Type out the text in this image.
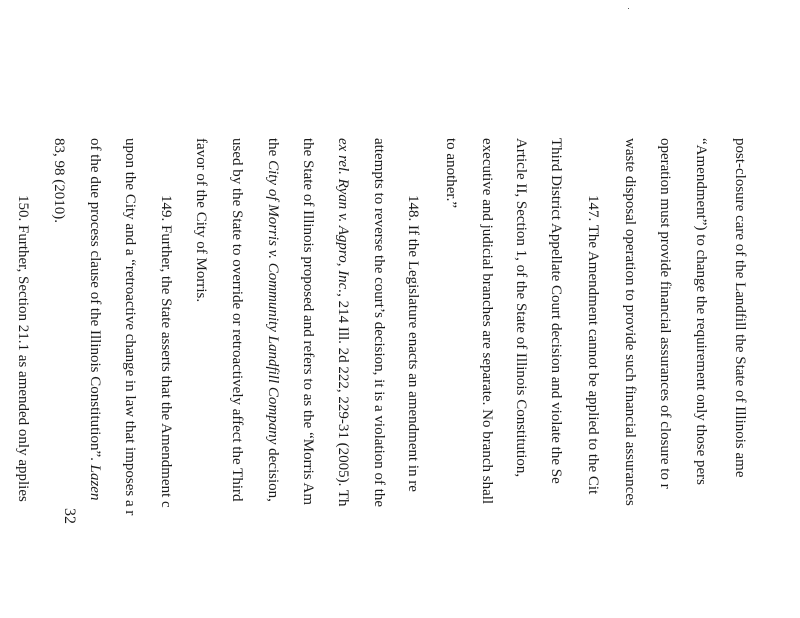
post-closure care of the Landfill the State of Illinois ame
“Amendment”) to change the requirement only those pers
operation must provide financial assurances of closure to r
waste disposal operation to provide such financial assurances
147. The Amendment cannot be applied to the Cit
Third District Appellate Court decision and violate the Se
Article II, Section 1, of the State of Illinois Constitution,
executive and judicial branches are separate. No branch shall
to another.”
148. If the Legislature enacts an amendment in re
attempts to reverse the court’s decision, it is a violation of the
ex rel. Ryan v. Agpro, Inc., 214 Ill. 2d 222, 229-31 (2005). Th
the State of Illinois proposed and refers to as the “Morris Am
the City of Morris v. Community Landfill Company decision,
used by the State to override or retroactively affect the Third
favor of the City of Morris.
149. Further, the State asserts that the Amendment c
upon the City and a “retroactive change in law that imposes a r
of the due process clause of the Illinois Constitution”. Lazen
83, 98 (2010).
150. Further, Section 21.1 as amended only applies
32
